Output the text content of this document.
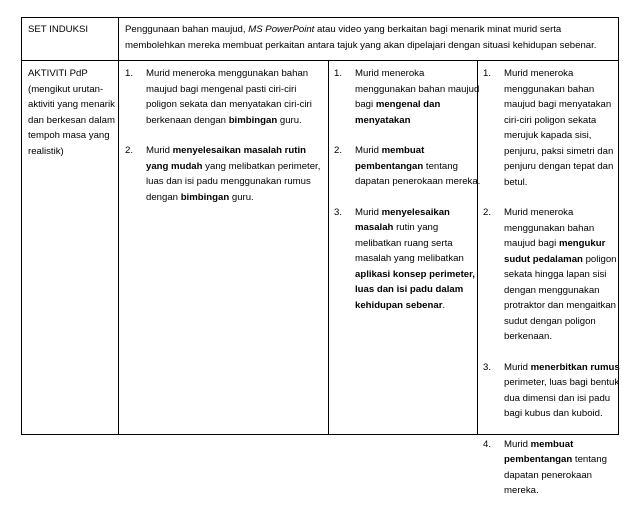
SET INDUKSI	Penggunaan bahan maujud, MS PowerPoint atau video yang berkaitan bagi menarik minat murid serta
membolehkan mereka membuat perkaitan antara tajuk yang akan dipelajari dengan situasi kehidupan sebenar.
AKTIVITI PdP
(mengikut urutan-
aktiviti yang menarik
dan berkesan dalam
tempoh masa yang
realistik)
1. Murid meneroka menggunakan bahan
maujud bagi mengenal pasti ciri-ciri
poligon sekata dan menyatakan ciri-ciri
berkenaan dengan bimbingan guru.
2. Murid menyelesaikan masalah rutin
yang mudah yang melibatkan perimeter,
luas dan isi padu menggunakan rumus
dengan bimbingan guru.
1. Murid meneroka
menggunakan bahan maujud
bagi mengenal dan
menyatakan
2. Murid membuat
pembentangan tentang
dapatan penerokaan mereka.
3. Murid menyelesaikan
masalah rutin yang
melibatkan ruang serta
masalah yang melibatkan
aplikasi konsep perimeter,
luas dan isi padu dalam
kehidupan sebenar.
1. Murid meneroka
menggunakan bahan
maujud bagi menyatakan
ciri-ciri poligon sekata
merujuk kapada sisi,
penjuru, paksi simetri dan
penjuru dengan tepat dan
betul.
2. Murid meneroka
menggunakan bahan
maujud bagi mengukur
sudut pedalaman poligon
sekata hingga lapan sisi
dengan menggunakan
protraktor dan mengaitkan
sudut dengan poligon
berkenaan.
3. Murid menerbitkan rumus
perimeter, luas bagi bentuk
dua dimensi dan isi padu
bagi kubus dan kuboid.
4. Murid membuat
pembentangan tentang
dapatan penerokaan
mereka.
